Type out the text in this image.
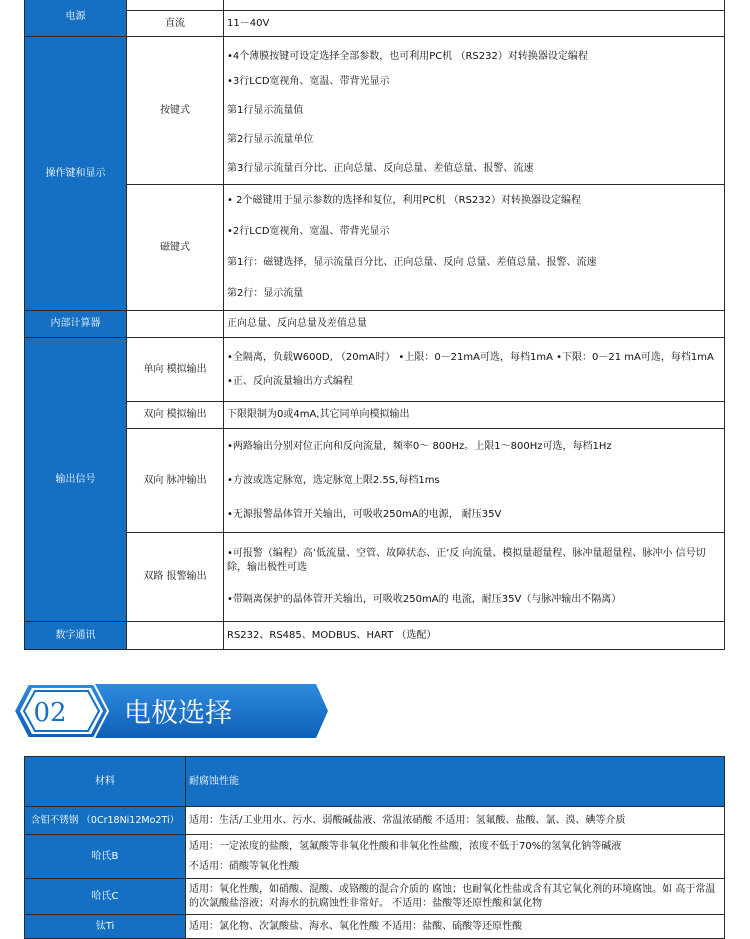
电源		
	直流	11－40V
操作键和显示	按键式	•4个薄膜按键可设定选择全部参数，也可利用PC机 （RS232）对转换器设定编程
•3行LCD宽视角、宽温、带背光显示
第1行显示流量值
第2行显示流量单位
第3行显示流量百分比、正向总量、反向总量、差值总量、报警、流速

	磁键式	• 2个磁键用于显示参数的选择和复位，利用PC机 （RS232）对转换器设定编程
•2行LCD宽视角、宽温、带背光显示
第1行：磁键选择，显示流量百分比、正向总量、反向 总量、差值总量、报警、流速
第2行：显示流量

内部计算器		正向总量、反向总量及差值总量
输出信号	单向 模拟输出	•全隔离，负载W600D, （20mA时） •上限：0－21mA可选，每档1mA •下限：0－21 mA可选，每档1mA
•正、反向流量输出方式编程

	双向 模拟输出	下限限制为0或4mA,其它同单向模拟输出
	双向 脉冲输出	•两路输出分别对位正向和反向流量，频率0～ 800Hz。上限1～800Hz可选，每档1Hz
•方波或选定脉宽，选定脉宽上限2.5S,每档1ms
•无源报警晶体管开关输出，可吸收250mA的电源， 耐压35V

	双路 报警输出	•可报警（编程）高’低流量、空管、故障状态、正’反 向流量、模拟量超量程、脉冲量超量程、脉冲小 信号切除，输出极性可选
•带隔离保护的晶体管开关输出，可吸收250mA的 电流，耐压35V（与脉冲输出不隔离）

数字通讯		RS232、RS485、MODBUS、HART （选配）
02 电极选择
材料	耐腐蚀性能
含钼不锈钢 （0Cr18Ni12Mo2Ti）	适用：生活/工业用水、污水、弱酸碱盐液、常温浓硝酸 不适用：氢氟酸、盐酸、氯、溴、碘等介质
哈氏B	适用：一定浓度的盐酸，氢氟酸等非氧化性酸和非氧化性盐酸，浓度不低于70%的氢氧化钠等碱液
不适用：硝酸等氧化性酸

哈氏C	适用：氧化性酸，如硝酸、混酸、或铬酸的混合介质的 腐蚀；也耐氧化性盐或含有其它氧化剂的环境腐蚀。如 高于常温的次氯酸盐溶液；对海水的抗腐蚀性非常好。 不适用：盐酸等还原性酸和氯化物
钛Ti	适用：氯化物、次氯酸盐、海水、氧化性酸 不适用：盐酸、硫酸等还原性酸
